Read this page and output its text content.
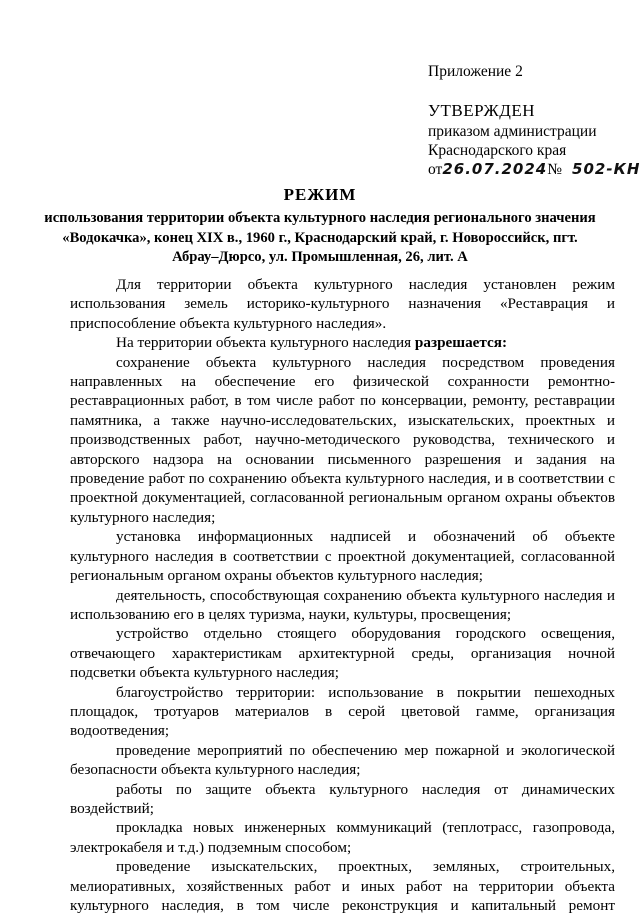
Приложение 2
УТВЕРЖДЕН
приказом администрации
Краснодарского края
от 26.07.2024 № 502-КН
РЕЖИМ
использования территории объекта культурного наследия регионального значения «Водокачка», конец XIX в., 1960 г., Краснодарский край, г. Новороссийск, пгт. Абрау–Дюрсо, ул. Промышленная, 26, лит. А

Для территории объекта культурного наследия установлен режим использования земель историко-культурного назначения «Реставрация и приспособление объекта культурного наследия».

На территории объекта культурного наследия разрешается:

сохранение объекта культурного наследия посредством проведения направленных на обеспечение его физической сохранности ремонтно-реставрационных работ, в том числе работ по консервации, ремонту, реставрации памятника, а также научно-исследовательских, изыскательских, проектных и производственных работ, научно-методического руководства, технического и авторского надзора на основании письменного разрешения и задания на проведение работ по сохранению объекта культурного наследия, и в соответствии с проектной документацией, согласованной региональным органом охраны объектов культурного наследия;

установка информационных надписей и обозначений об объекте культурного наследия в соответствии с проектной документацией, согласованной региональным органом охраны объектов культурного наследия;

деятельность, способствующая сохранению объекта культурного наследия и использованию его в целях туризма, науки, культуры, просвещения;

устройство отдельно стоящего оборудования городского освещения, отвечающего характеристикам архитектурной среды, организация ночной подсветки объекта культурного наследия;

благоустройство территории: использование в покрытии пешеходных площадок, тротуаров материалов в серой цветовой гамме, организация водоотведения;

проведение мероприятий по обеспечению мер пожарной и экологической безопасности объекта культурного наследия;

работы по защите объекта культурного наследия от динамических воздействий;

прокладка новых инженерных коммуникаций (теплотрасс, газопровода, электрокабеля и т.д.) подземным способом;

проведение изыскательских, проектных, земляных, строительных, мелиоративных, хозяйственных работ и иных работ на территории объекта культурного наследия, в том числе реконструкция и капитальный ремонт
